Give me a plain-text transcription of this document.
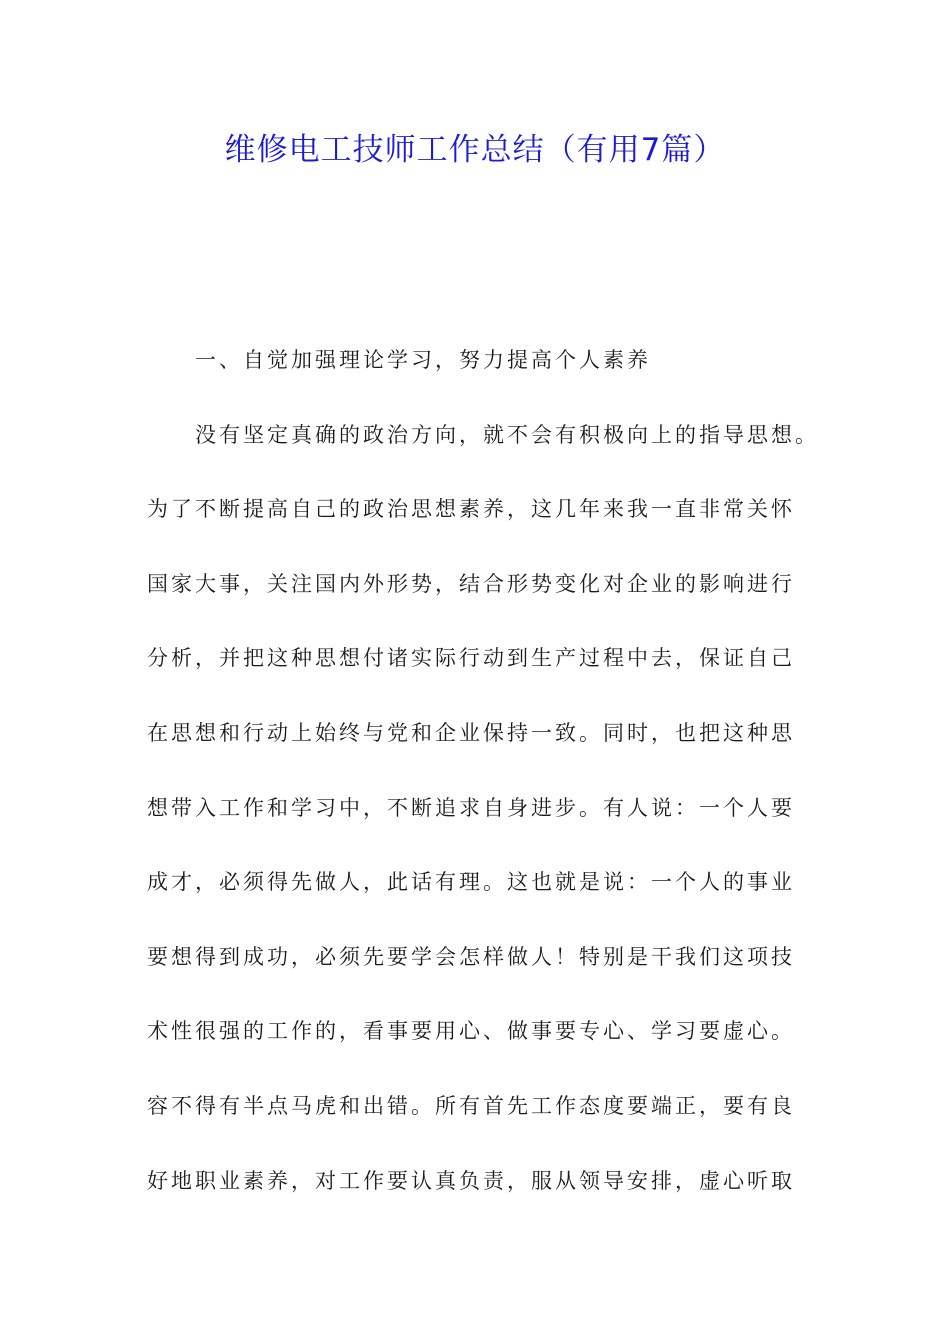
维修电工技师工作总结（有用7篇）
一、自觉加强理论学习，努力提高个人素养
没有坚定真确的政治方向，就不会有积极向上的指导思想。
为了不断提高自己的政治思想素养，这几年来我一直非常关怀
国家大事，关注国内外形势，结合形势变化对企业的影响进行
分析，并把这种思想付诸实际行动到生产过程中去，保证自己
在思想和行动上始终与党和企业保持一致。同时，也把这种思
想带入工作和学习中，不断追求自身进步。有人说：一个人要
成才，必须得先做人，此话有理。这也就是说：一个人的事业
要想得到成功，必须先要学会怎样做人！特别是干我们这项技
术性很强的工作的，看事要用心、做事要专心、学习要虚心。
容不得有半点马虎和出错。所有首先工作态度要端正，要有良
好地职业素养，对工作要认真负责，服从领导安排，虚心听取
